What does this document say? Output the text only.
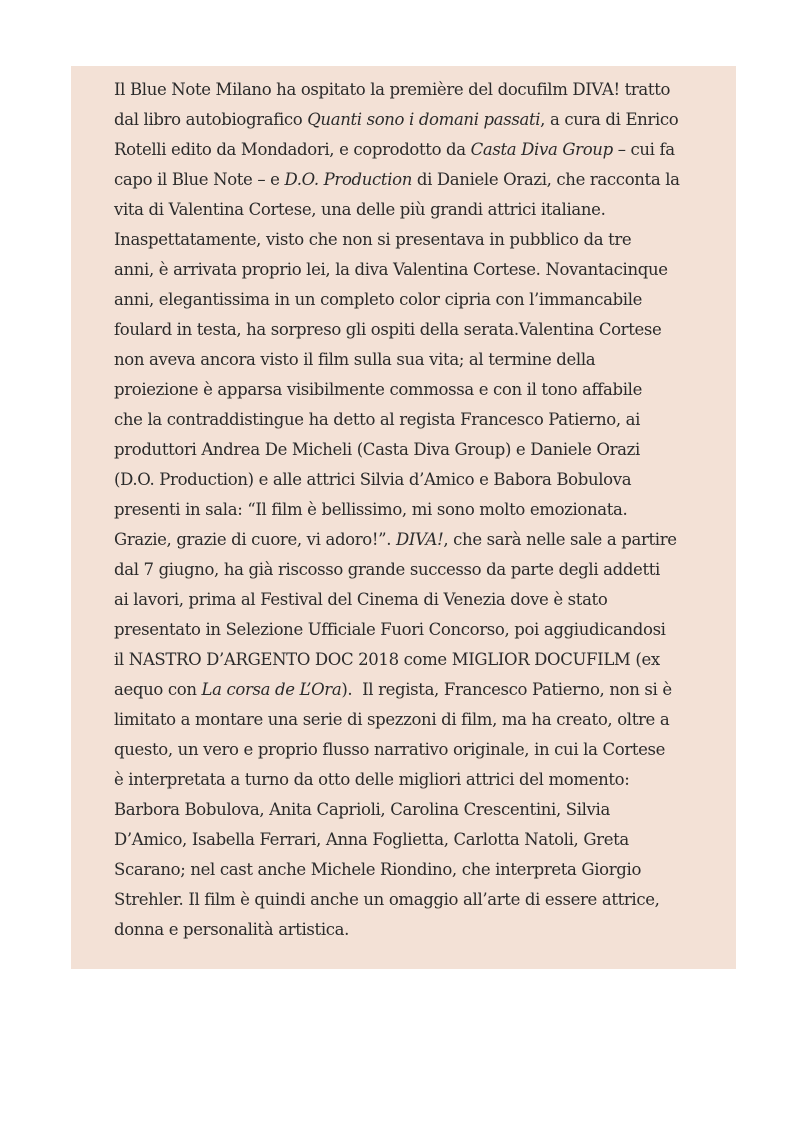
Il Blue Note Milano ha ospitato la première del docufilm DIVA! tratto
dal libro autobiografico Quanti sono i domani passati, a cura di Enrico
Rotelli edito da Mondadori, e coprodotto da Casta Diva Group – cui fa
capo il Blue Note – e D.O. Production di Daniele Orazi, che racconta la
vita di Valentina Cortese, una delle più grandi attrici italiane.
Inaspettatamente, visto che non si presentava in pubblico da tre
anni, è arrivata proprio lei, la diva Valentina Cortese. Novantacinque
anni, elegantissima in un completo color cipria con l’immancabile
foulard in testa, ha sorpreso gli ospiti della serata.Valentina Cortese
non aveva ancora visto il film sulla sua vita; al termine della
proiezione è apparsa visibilmente commossa e con il tono affabile
che la contraddistingue ha detto al regista Francesco Patierno, ai
produttori Andrea De Micheli (Casta Diva Group) e Daniele Orazi
(D.O. Production) e alle attrici Silvia d’Amico e Babora Bobulova
presenti in sala: “Il film è bellissimo, mi sono molto emozionata.
Grazie, grazie di cuore, vi adoro!”. DIVA!, che sarà nelle sale a partire
dal 7 giugno, ha già riscosso grande successo da parte degli addetti
ai lavori, prima al Festival del Cinema di Venezia dove è stato
presentato in Selezione Ufficiale Fuori Concorso, poi aggiudicandosi
il NASTRO D’ARGENTO DOC 2018 come MIGLIOR DOCUFILM (ex
aequo con La corsa de L’Ora).  Il regista, Francesco Patierno, non si è
limitato a montare una serie di spezzoni di film, ma ha creato, oltre a
questo, un vero e proprio flusso narrativo originale, in cui la Cortese
è interpretata a turno da otto delle migliori attrici del momento:
Barbora Bobulova, Anita Caprioli, Carolina Crescentini, Silvia
D’Amico, Isabella Ferrari, Anna Foglietta, Carlotta Natoli, Greta
Scarano; nel cast anche Michele Riondino, che interpreta Giorgio
Strehler. Il film è quindi anche un omaggio all’arte di essere attrice,
donna e personalità artistica.
